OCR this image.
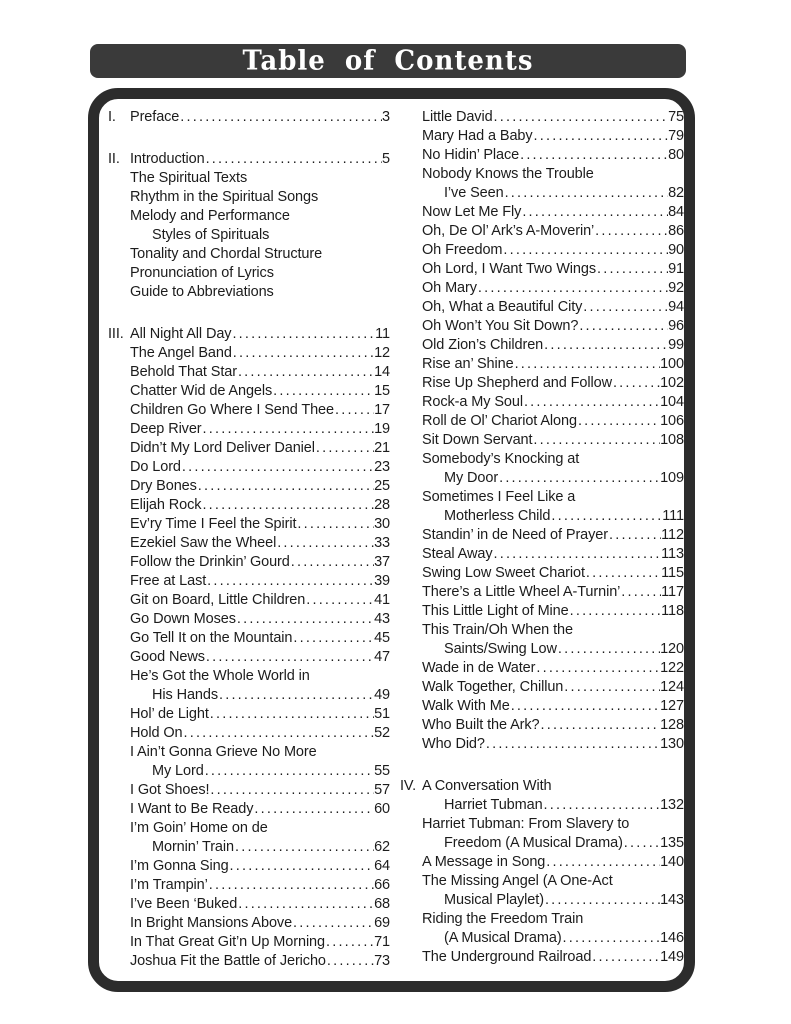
Table of Contents
I. Preface .....	3
II. Introduction .....	5
The Spiritual Texts
Rhythm in the Spiritual Songs
Melody and Performance
Styles of Spirituals
Tonality and Chordal Structure
Pronunciation of Lyrics
Guide to Abbreviations
III. All Night All Day .....	11
The Angel Band .....	12
Behold That Star .....	14
Chatter Wid de Angels .....	15
Children Go Where I Send Thee .....	17
Deep River .....	19
Didn’t My Lord Deliver Daniel .....	21
Do Lord .....	23
Dry Bones .....	25
Elijah Rock .....	28
Ev’ry Time I Feel the Spirit .....	30
Ezekiel Saw the Wheel .....	33
Follow the Drinkin’ Gourd .....	37
Free at Last .....	39
Git on Board, Little Children .....	41
Go Down Moses .....	43
Go Tell It on the Mountain .....	45
Good News .....	47
He’s Got the Whole World in
His Hands .....	49
Hol’ de Light .....	51
Hold On .....	52
I Ain’t Gonna Grieve No More
My Lord .....	55
I Got Shoes! .....	57
I Want to Be Ready .....	60
I’m Goin’ Home on de
Mornin’ Train .....	62
I’m Gonna Sing .....	64
I’m Trampin’ .....	66
I’ve Been ‘Buked .....	68
In Bright Mansions Above .....	69
In That Great Git’n Up Morning .....	71
Joshua Fit the Battle of Jericho .....	73
Little David .....	75
Mary Had a Baby .....	79
No Hidin’ Place .....	80
Nobody Knows the Trouble
I’ve Seen .....	82
Now Let Me Fly .....	84
Oh, De Ol’ Ark’s A-Moverin’ .....	86
Oh Freedom .....	90
Oh Lord, I Want Two Wings .....	91
Oh Mary .....	92
Oh, What a Beautiful City .....	94
Oh Won’t You Sit Down? .....	96
Old Zion’s Children .....	99
Rise an’ Shine .....	100
Rise Up Shepherd and Follow .....	102
Rock-a My Soul .....	104
Roll de Ol’ Chariot Along .....	106
Sit Down Servant .....	108
Somebody’s Knocking at
My Door .....	109
Sometimes I Feel Like a
Motherless Child .....	111
Standin’ in de Need of Prayer .....	112
Steal Away .....	113
Swing Low Sweet Chariot .....	115
There’s a Little Wheel A-Turnin’ .....	117
This Little Light of Mine .....	118
This Train/Oh When the
Saints/Swing Low .....	120
Wade in de Water .....	122
Walk Together, Chillun .....	124
Walk With Me .....	127
Who Built the Ark? .....	128
Who Did? .....	130
IV. A Conversation With
Harriet Tubman .....	132
Harriet Tubman: From Slavery to
Freedom (A Musical Drama) .....	135
A Message in Song .....	140
The Missing Angel (A One-Act
Musical Playlet) .....	143
Riding the Freedom Train
(A Musical Drama) .....	146
The Underground Railroad .....	149
